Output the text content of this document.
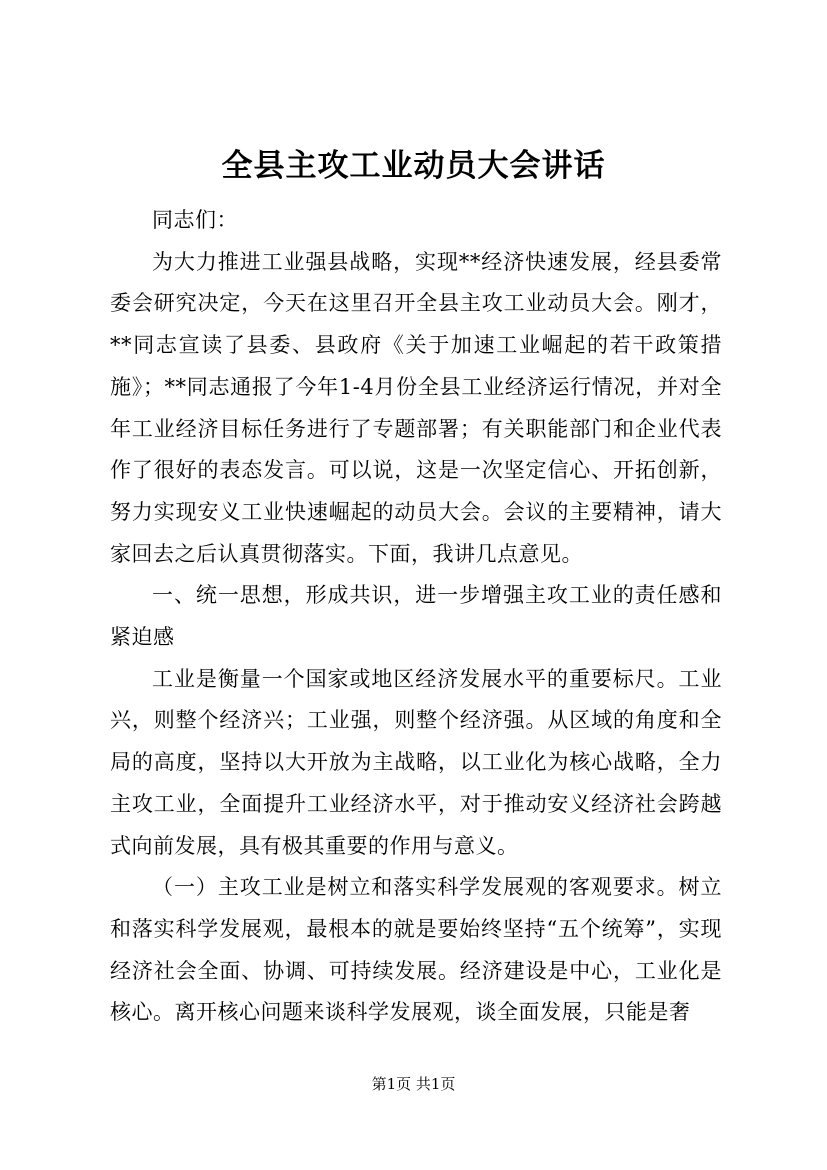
全县主攻工业动员大会讲话

同志们：

为大力推进工业强县战略，实现**经济快速发展，经县委常委会研究决定，今天在这里召开全县主攻工业动员大会。刚才，**同志宣读了县委、县政府《关于加速工业崛起的若干政策措施》；**同志通报了今年1-4月份全县工业经济运行情况，并对全年工业经济目标任务进行了专题部署；有关职能部门和企业代表作了很好的表态发言。可以说，这是一次坚定信心、开拓创新，努力实现安义工业快速崛起的动员大会。会议的主要精神，请大家回去之后认真贯彻落实。下面，我讲几点意见。

一、统一思想，形成共识，进一步增强主攻工业的责任感和紧迫感

工业是衡量一个国家或地区经济发展水平的重要标尺。工业兴，则整个经济兴；工业强，则整个经济强。从区域的角度和全局的高度，坚持以大开放为主战略，以工业化为核心战略，全力主攻工业，全面提升工业经济水平，对于推动安义经济社会跨越式向前发展，具有极其重要的作用与意义。

（一）主攻工业是树立和落实科学发展观的客观要求。树立和落实科学发展观，最根本的就是要始终坚持“五个统筹”，实现经济社会全面、协调、可持续发展。经济建设是中心，工业化是核心。离开核心问题来谈科学发展观，谈全面发展，只能是奢

第1页 共1页
